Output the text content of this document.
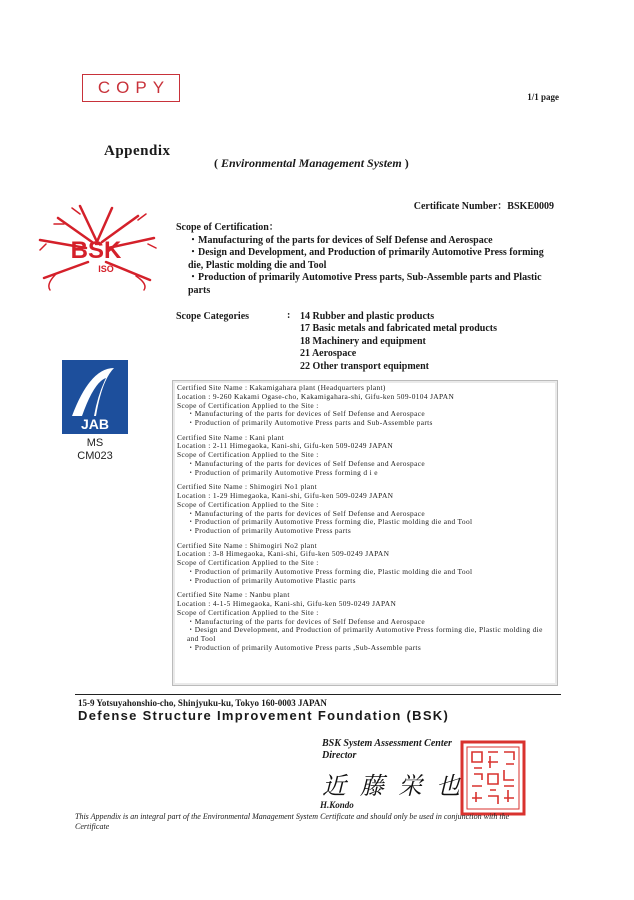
COPY	1/1 page
Appendix
( Environmental Management System )
Certificate Number：BSKE0009
BSK
ISO
JAB
MS
CM023
Scope of Certification：
・Manufacturing of the parts for devices of Self Defense and Aerospace
・Design and Development, and Production of primarily Automotive Press forming die, Plastic molding die and Tool
・Production of primarily Automotive Press parts, Sub-Assemble parts and Plastic parts
Scope Categories	: 14 Rubber and plastic products
17 Basic metals and fabricated metal products
18 Machinery and equipment
21 Aerospace
22 Other transport equipment
Certified Site Name : Kakamigahara plant (Headquarters plant)
Location : 9-260 Kakami Ogase-cho, Kakamigahara-shi, Gifu-ken 509-0104 JAPAN
Scope of Certification Applied to the Site :
・Manufacturing of the parts for devices of Self Defense and Aerospace
・Production of primarily Automotive Press parts and Sub-Assemble parts
Certified Site Name : Kani plant
Location : 2-11 Himegaoka, Kani-shi, Gifu-ken 509-0249 JAPAN
Scope of Certification Applied to the Site :
・Manufacturing of the parts for devices of Self Defense and Aerospace
・Production of primarily Automotive Press forming d i e
Certified Site Name : Shimogiri No1 plant
Location : 1-29 Himegaoka, Kani-shi, Gifu-ken 509-0249 JAPAN
Scope of Certification Applied to the Site :
・Manufacturing of the parts for devices of Self Defense and Aerospace
・Production of primarily Automotive Press forming die, Plastic molding die and Tool
・Production of primarily Automotive Press parts
Certified Site Name : Shimogiri No2 plant
Location : 3-8 Himegaoka, Kani-shi, Gifu-ken 509-0249 JAPAN
Scope of Certification Applied to the Site :
・Production of primarily Automotive Press forming die, Plastic molding die and Tool
・Production of primarily Automotive Plastic parts
Certified Site Name : Nanbu plant
Location : 4-1-5 Himegaoka, Kani-shi, Gifu-ken 509-0249 JAPAN
Scope of Certification Applied to the Site :
・Manufacturing of the parts for devices of Self Defense and Aerospace
・Design and Development, and Production of primarily Automotive Press forming die, Plastic molding die and Tool
・Production of primarily Automotive Press parts ,Sub-Assemble parts
15-9 Yotsuyahonshio-cho, Shinjyuku-ku, Tokyo 160-0003 JAPAN
Defense Structure Improvement Foundation (BSK)
BSK System Assessment Center
Director
近藤栄也
H.Kondo
This Appendix is an integral part of the Environmental Management System Certificate and should only be used in conjunction with the Certificate
